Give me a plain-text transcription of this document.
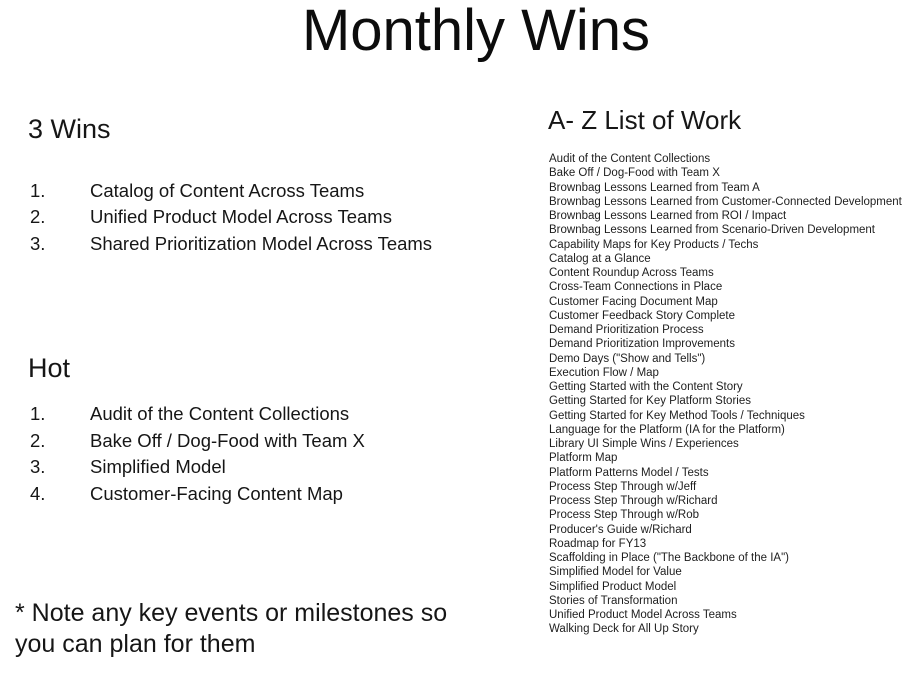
Monthly Wins
3 Wins
1.	Catalog of Content Across Teams
2.	Unified Product Model Across Teams
3.	Shared Prioritization Model Across Teams
Hot
1.	Audit of the Content Collections
2.	Bake Off / Dog-Food with Team X
3.	Simplified Model
4.	Customer-Facing Content Map
* Note any key events or milestones so you can plan for them
A- Z List of Work
Audit of the Content Collections
Bake Off / Dog-Food with Team X
Brownbag Lessons Learned from Team A
Brownbag Lessons Learned from Customer-Connected Development
Brownbag Lessons Learned from ROI / Impact
Brownbag Lessons Learned from Scenario-Driven Development
Capability Maps for Key Products / Techs
Catalog at a Glance
Content Roundup Across Teams
Cross-Team Connections in Place
Customer Facing Document Map
Customer Feedback Story Complete
Demand Prioritization Process
Demand Prioritization Improvements
Demo Days ("Show and Tells")
Execution Flow / Map
Getting Started with the Content Story
Getting Started for Key Platform Stories
Getting Started for Key Method Tools / Techniques
Language for the Platform (IA for the Platform)
Library UI Simple Wins / Experiences
Platform Map
Platform Patterns Model / Tests
Process Step Through w/Jeff
Process Step Through w/Richard
Process Step Through w/Rob
Producer's Guide w/Richard
Roadmap for FY13
Scaffolding in Place ("The Backbone of the IA")
Simplified Model for Value
Simplified Product Model
Stories of Transformation
Unified Product Model Across Teams
Walking Deck for All Up Story
